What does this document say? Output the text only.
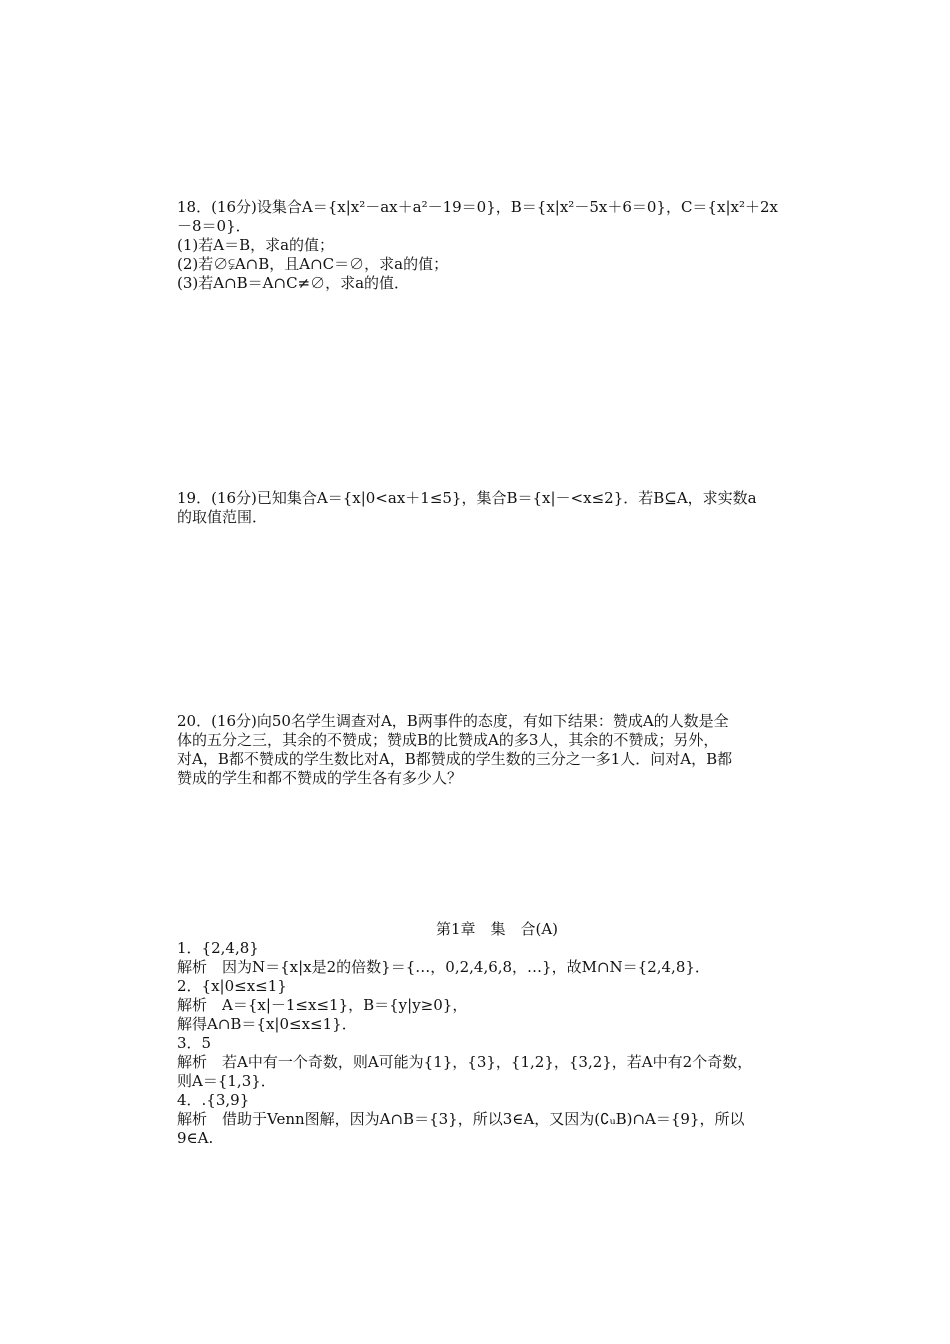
18．(16分)设集合A＝{x|x²－ax＋a²－19＝0}，B＝{x|x²－5x＋6＝0}，C＝{x|x²＋2x
－8＝0}．
(1)若A＝B，求a的值；
(2)若∅⫋A∩B，且A∩C＝∅，求a的值；
(3)若A∩B＝A∩C≠∅，求a的值．
19．(16分)已知集合A＝{x|0<ax＋1≤5}，集合B＝{x|－<x≤2}．若B⊆A，求实数a
的取值范围．
20．(16分)向50名学生调查对A，B两事件的态度，有如下结果：赞成A的人数是全
体的五分之三，其余的不赞成；赞成B的比赞成A的多3人，其余的不赞成；另外，
对A，B都不赞成的学生数比对A，B都赞成的学生数的三分之一多1人．问对A，B都
赞成的学生和都不赞成的学生各有多少人？
第1章　集　合(A)
1．{2,4,8}
解析　因为N＝{x|x是2的倍数}＝{…，0,2,4,6,8，…}，故M∩N＝{2,4,8}．
2．{x|0≤x≤1}
解析　A＝{x|－1≤x≤1}，B＝{y|y≥0}，
解得A∩B＝{x|0≤x≤1}．
3．5
解析　若A中有一个奇数，则A可能为{1}，{3}，{1,2}，{3,2}，若A中有2个奇数，
则A＝{1,3}．
4．.{3,9}
解析　借助于Venn图解，因为A∩B＝{3}，所以3∈A，又因为(∁ᵤB)∩A＝{9}，所以
9∈A.
